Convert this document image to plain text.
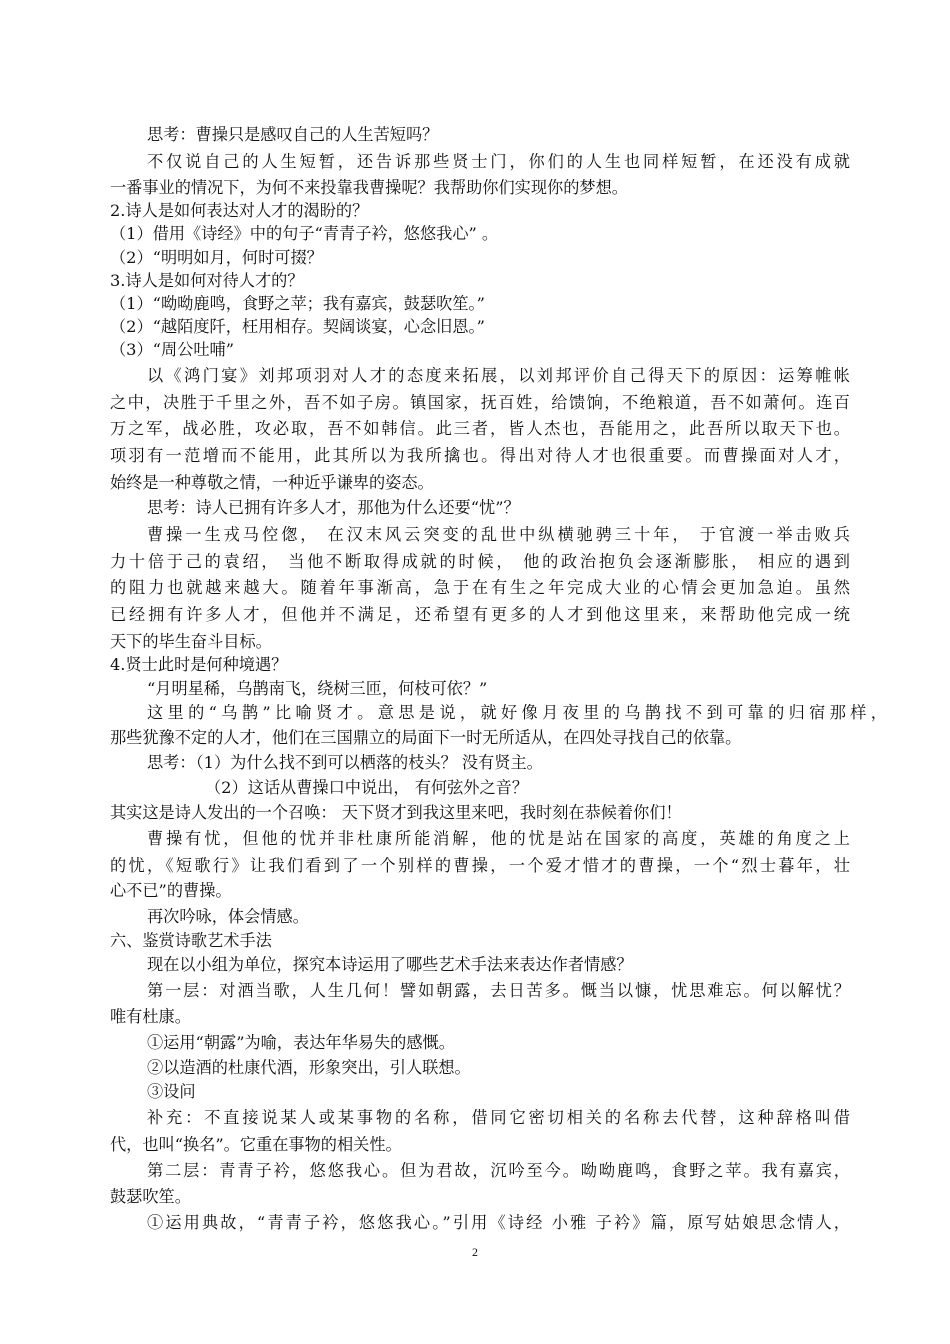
思考：曹操只是感叹自己的人生苦短吗？
不仅说自己的人生短暂，还告诉那些贤士门，你们的人生也同样短暂，在还没有成就
一番事业的情况下，为何不来投靠我曹操呢？我帮助你们实现你的梦想。
2.诗人是如何表达对人才的渴盼的？
（1）借用《诗经》中的句子“青青子衿，悠悠我心” 。
（2）“明明如月，何时可掇？
3.诗人是如何对待人才的？
（1）“呦呦鹿鸣，食野之苹；我有嘉宾，鼓瑟吹笙。”
（2）“越陌度阡，枉用相存。契阔谈宴，心念旧恩。”
（3）“周公吐哺”
以《鸿门宴》刘邦项羽对人才的态度来拓展，以刘邦评价自己得天下的原因：运筹帷帐
之中，决胜于千里之外，吾不如子房。镇国家，抚百姓，给馈饷，不绝粮道，吾不如萧何。连百
万之军，战必胜，攻必取，吾不如韩信。此三者，皆人杰也，吾能用之，此吾所以取天下也。
项羽有一范增而不能用，此其所以为我所擒也。得出对待人才也很重要。而曹操面对人才，
始终是一种尊敬之情，一种近乎谦卑的姿态。
思考：诗人已拥有许多人才，那他为什么还要“忧”？
曹操一生戎马倥偬， 在汉末风云突变的乱世中纵横驰骋三十年， 于官渡一举击败兵
力十倍于己的袁绍， 当他不断取得成就的时候， 他的政治抱负会逐渐膨胀， 相应的遇到
的阻力也就越来越大。随着年事渐高，急于在有生之年完成大业的心情会更加急迫。虽然
已经拥有许多人才，但他并不满足，还希望有更多的人才到他这里来，来帮助他完成一统
天下的毕生奋斗目标。
4.贤士此时是何种境遇？
“月明星稀，乌鹊南飞，绕树三匝，何枝可依？”
这里的“乌鹊”比喻贤才。意思是说，就好像月夜里的乌鹊找不到可靠的归宿那样，
那些犹豫不定的人才，他们在三国鼎立的局面下一时无所适从，在四处寻找自己的依靠。
思考：（1）为什么找不到可以栖落的枝头？ 没有贤主。
（2）这话从曹操口中说出， 有何弦外之音？
其实这是诗人发出的一个召唤： 天下贤才到我这里来吧，我时刻在恭候着你们！
曹操有忧，但他的忧并非杜康所能消解，他的忧是站在国家的高度，英雄的角度之上
的忧，《短歌行》让我们看到了一个别样的曹操，一个爱才惜才的曹操，一个“烈士暮年，壮
心不已”的曹操。
再次吟咏，体会情感。
六、鉴赏诗歌艺术手法
现在以小组为单位，探究本诗运用了哪些艺术手法来表达作者情感？
第一层：对酒当歌，人生几何！譬如朝露，去日苦多。慨当以慷，忧思难忘。何以解忧？
唯有杜康。
①运用“朝露”为喻，表达年华易失的感慨。
②以造酒的杜康代酒，形象突出，引人联想。
③设问
补充：不直接说某人或某事物的名称，借同它密切相关的名称去代替，这种辞格叫借
代，也叫“换名”。它重在事物的相关性。
第二层：青青子衿，悠悠我心。但为君故，沉吟至今。呦呦鹿鸣，食野之苹。我有嘉宾，
鼓瑟吹笙。
①运用典故，“青青子衿，悠悠我心。”引用《诗经 小雅 子衿》篇，原写姑娘思念情人，
2
